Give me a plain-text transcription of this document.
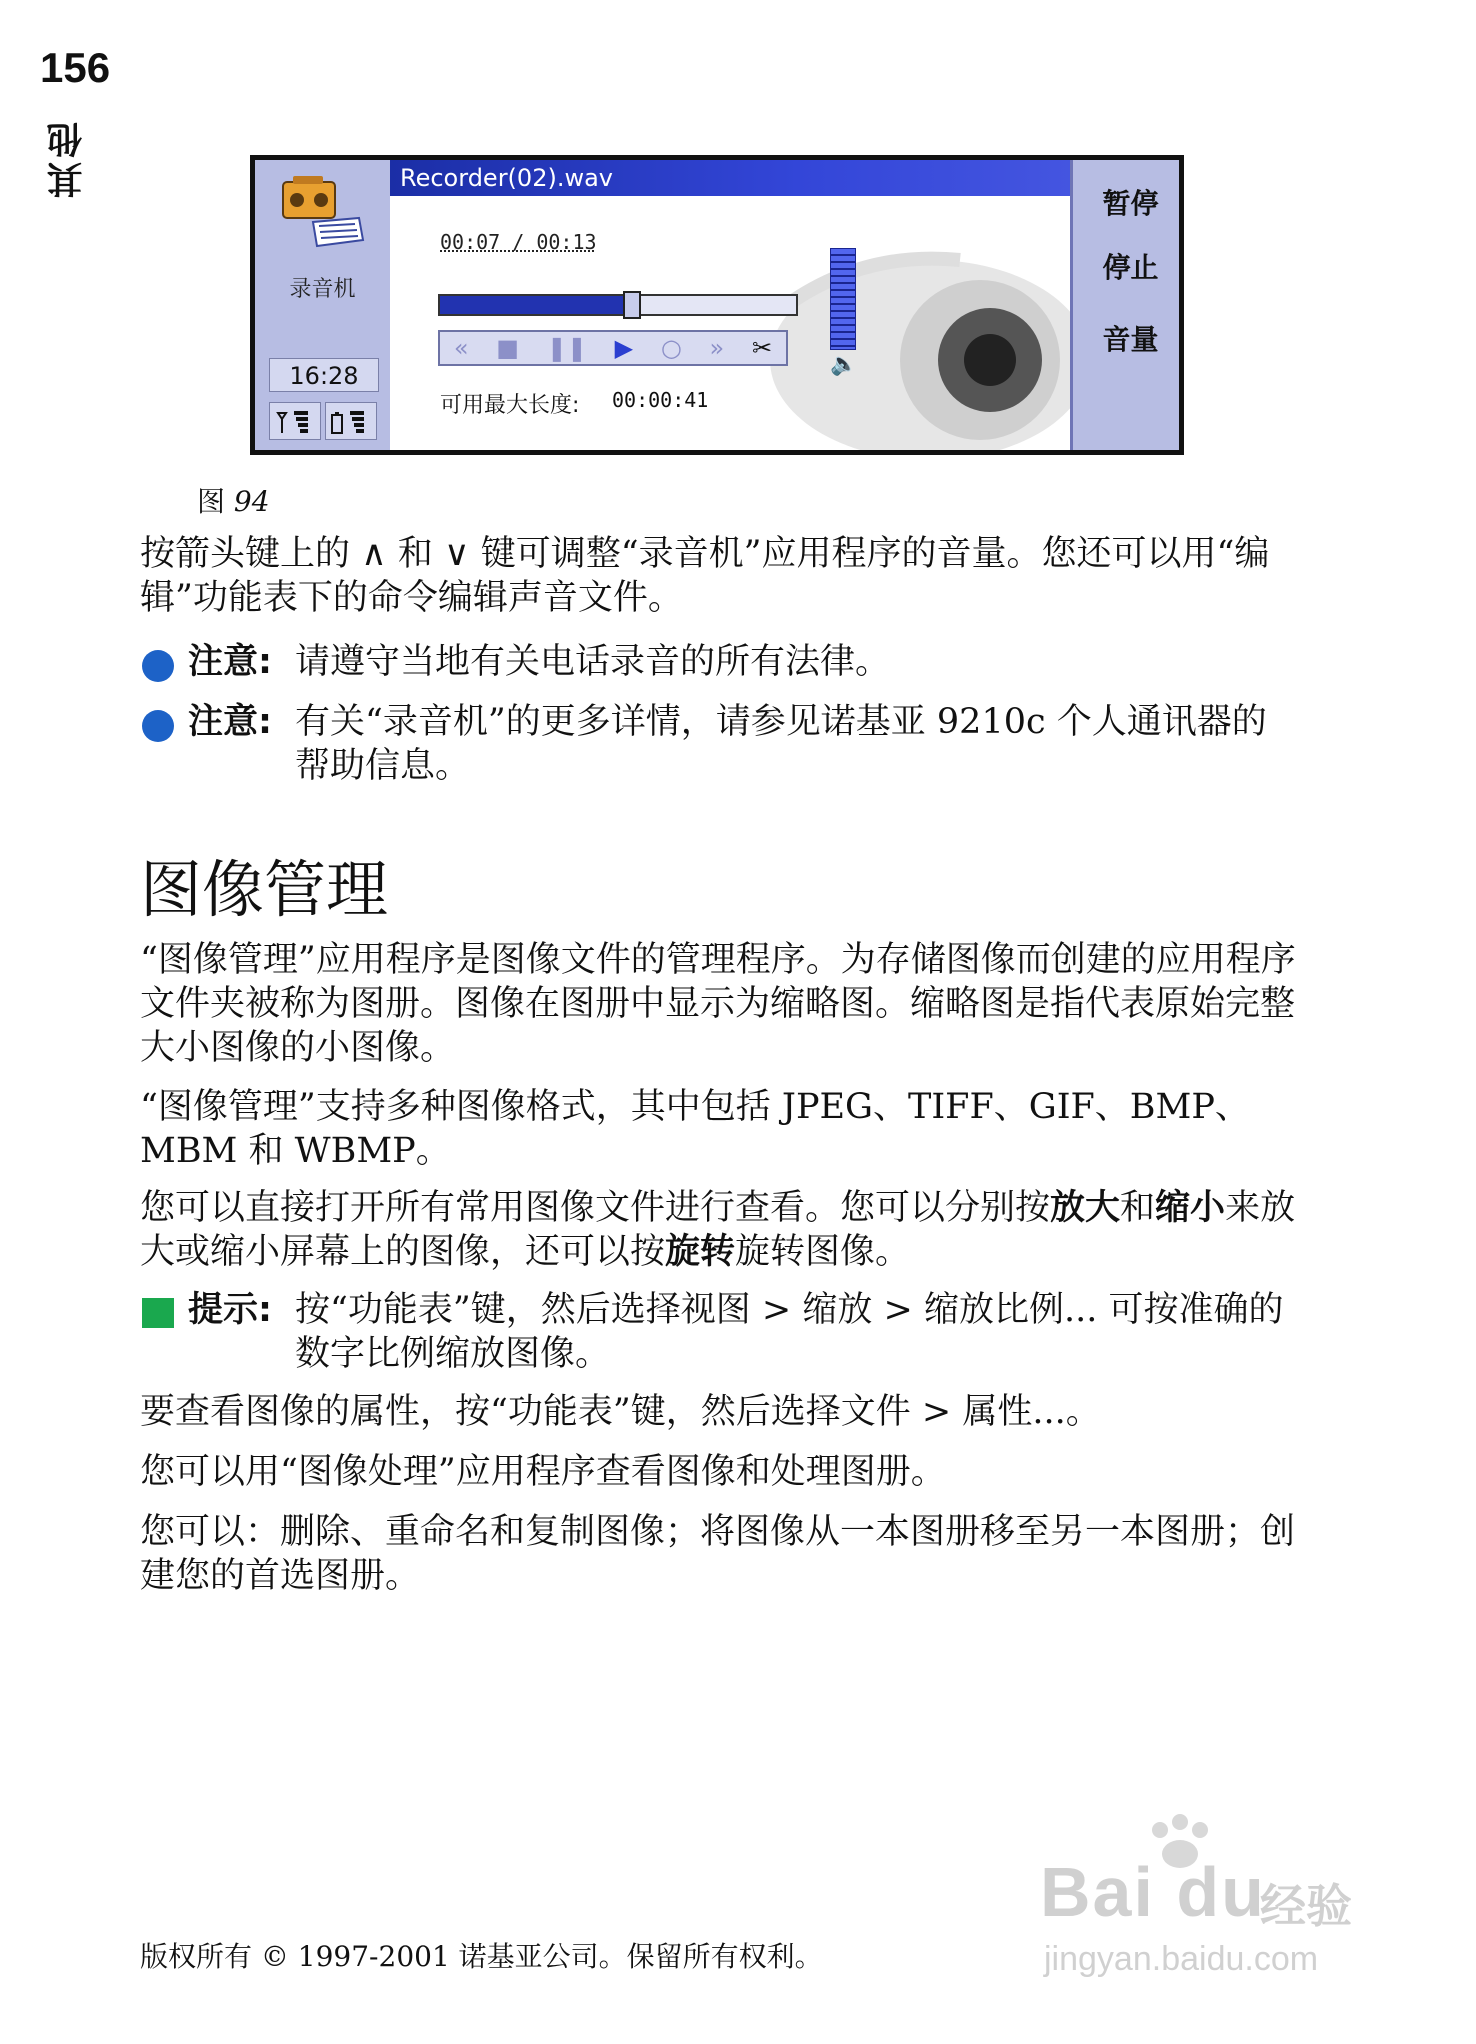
156
其他
录音机
16:28
Recorder(02).wav
00:07 / 00:13
« ■ ❚❚ ▶ ○ » ✂
🔈
可用最大长度: 00:00:41
暂停
停止
音量
图 94

按箭头键上的 ∧ 和 ∨ 键可调整“录音机”应用程序的音量。您还可以用“编辑”功能表下的命令编辑声音文件。

注意: 请遵守当地有关电话录音的所有法律。
注意: 有关“录音机”的更多详情，请参见诺基亚 9210c 个人通讯器的帮助信息。
图像管理

“图像管理”应用程序是图像文件的管理程序。为存储图像而创建的应用程序文件夹被称为图册。图像在图册中显示为缩略图。缩略图是指代表原始完整大小图像的小图像。

“图像管理”支持多种图像格式，其中包括 JPEG、TIFF、GIF、BMP、MBM 和 WBMP。

您可以直接打开所有常用图像文件进行查看。您可以分别按放大和缩小来放大或缩小屏幕上的图像，还可以按旋转旋转图像。

提示: 按“功能表”键，然后选择视图 > 缩放 > 缩放比例... 可按准确的数字比例缩放图像。

要查看图像的属性，按“功能表”键，然后选择文件 > 属性...。

您可以用“图像处理”应用程序查看图像和处理图册。

您可以：删除、重命名和复制图像；将图像从一本图册移至另一本图册；创建您的首选图册。

版权所有 © 1997-2001 诺基亚公司。保留所有权利。
Bai du
经验
jingyan.baidu.com
